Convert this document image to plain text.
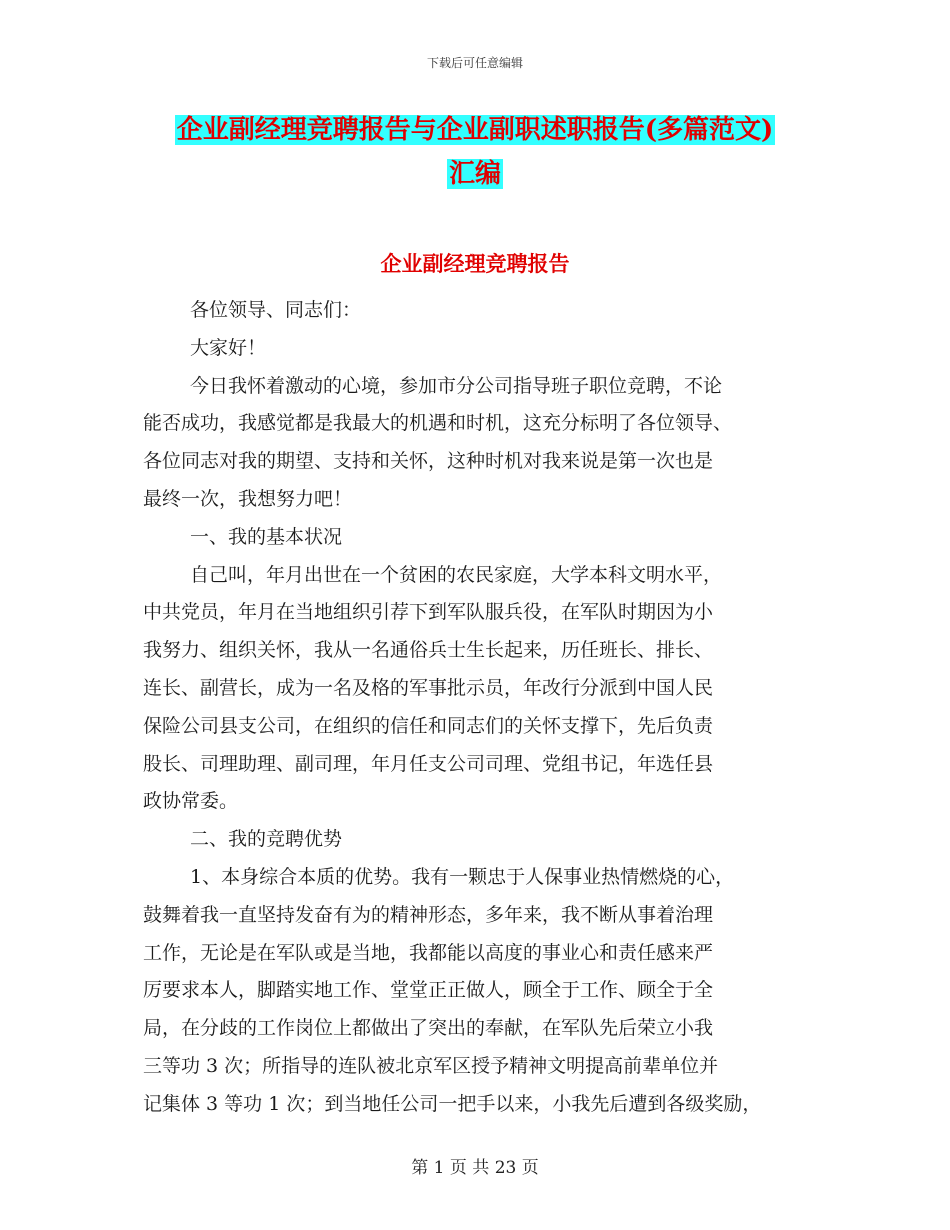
下载后可任意编辑
企业副经理竞聘报告与企业副职述职报告(多篇范文)
汇编
企业副经理竞聘报告

各位领导、同志们：

大家好！

今日我怀着激动的心境，参加市分公司指导班子职位竞聘，不论

能否成功，我感觉都是我最大的机遇和时机，这充分标明了各位领导、

各位同志对我的期望、支持和关怀，这种时机对我来说是第一次也是

最终一次，我想努力吧！

一、我的基本状况

自己叫，年月出世在一个贫困的农民家庭，大学本科文明水平，

中共党员，年月在当地组织引荐下到军队服兵役，在军队时期因为小

我努力、组织关怀，我从一名通俗兵士生长起来，历任班长、排长、

连长、副营长，成为一名及格的军事批示员，年改行分派到中国人民

保险公司县支公司，在组织的信任和同志们的关怀支撑下，先后负责

股长、司理助理、副司理，年月任支公司司理、党组书记，年选任县

政协常委。

二、我的竞聘优势

1、本身综合本质的优势。我有一颗忠于人保事业热情燃烧的心，

鼓舞着我一直坚持发奋有为的精神形态，多年来，我不断从事着治理

工作，无论是在军队或是当地，我都能以高度的事业心和责任感来严

厉要求本人，脚踏实地工作、堂堂正正做人，顾全于工作、顾全于全

局，在分歧的工作岗位上都做出了突出的奉献，在军队先后荣立小我

三等功 3 次；所指导的连队被北京军区授予精神文明提高前辈单位并

记集体 3 等功 1 次；到当地任公司一把手以来，小我先后遭到各级奖励，

第 1 页 共 23 页
